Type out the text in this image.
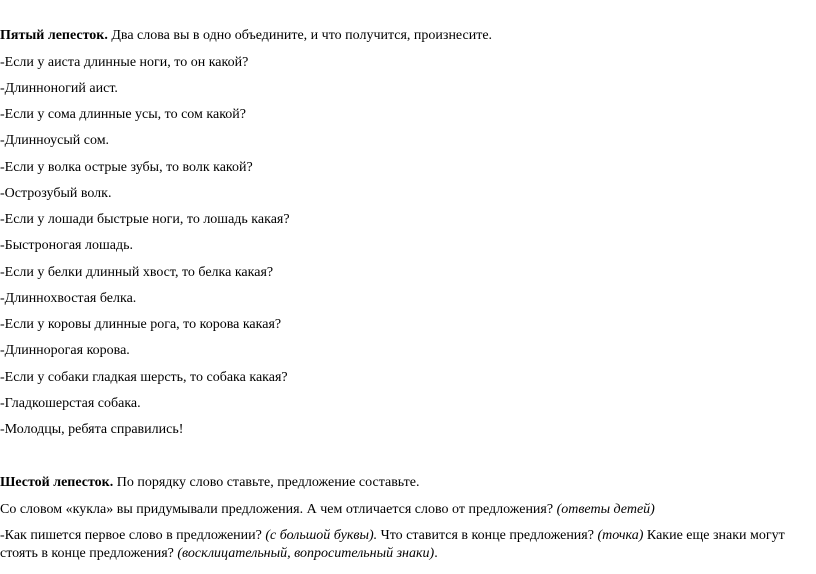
Пятый лепесток. Два слова вы в одно объедините, и что получится, произнесите.
-Если у аиста длинные ноги, то он какой?
-Длинноногий аист.
-Если у сома длинные усы, то сом какой?
-Длинноусый сом.
-Если у волка острые зубы, то волк какой?
-Острозубый волк.
-Если у лошади быстрые ноги, то лошадь какая?
-Быстроногая лошадь.
-Если у белки длинный хвост, то белка какая?
-Длиннохвостая белка.
-Если у коровы длинные рога, то корова какая?
-Длиннорогая корова.
-Если у собаки гладкая шерсть, то собака какая?
-Гладкошерстая собака.
-Молодцы, ребята справились!
Шестой лепесток. По порядку слово ставьте, предложение составьте.
Со словом «кукла» вы придумывали предложения. А чем отличается слово от предложения? (ответы детей)
-Как пишется первое слово в предложении? (с большой буквы). Что ставится в конце предложения? (точка) Какие еще знаки могут стоять в конце предложения? (восклицательный, вопросительный знаки).
